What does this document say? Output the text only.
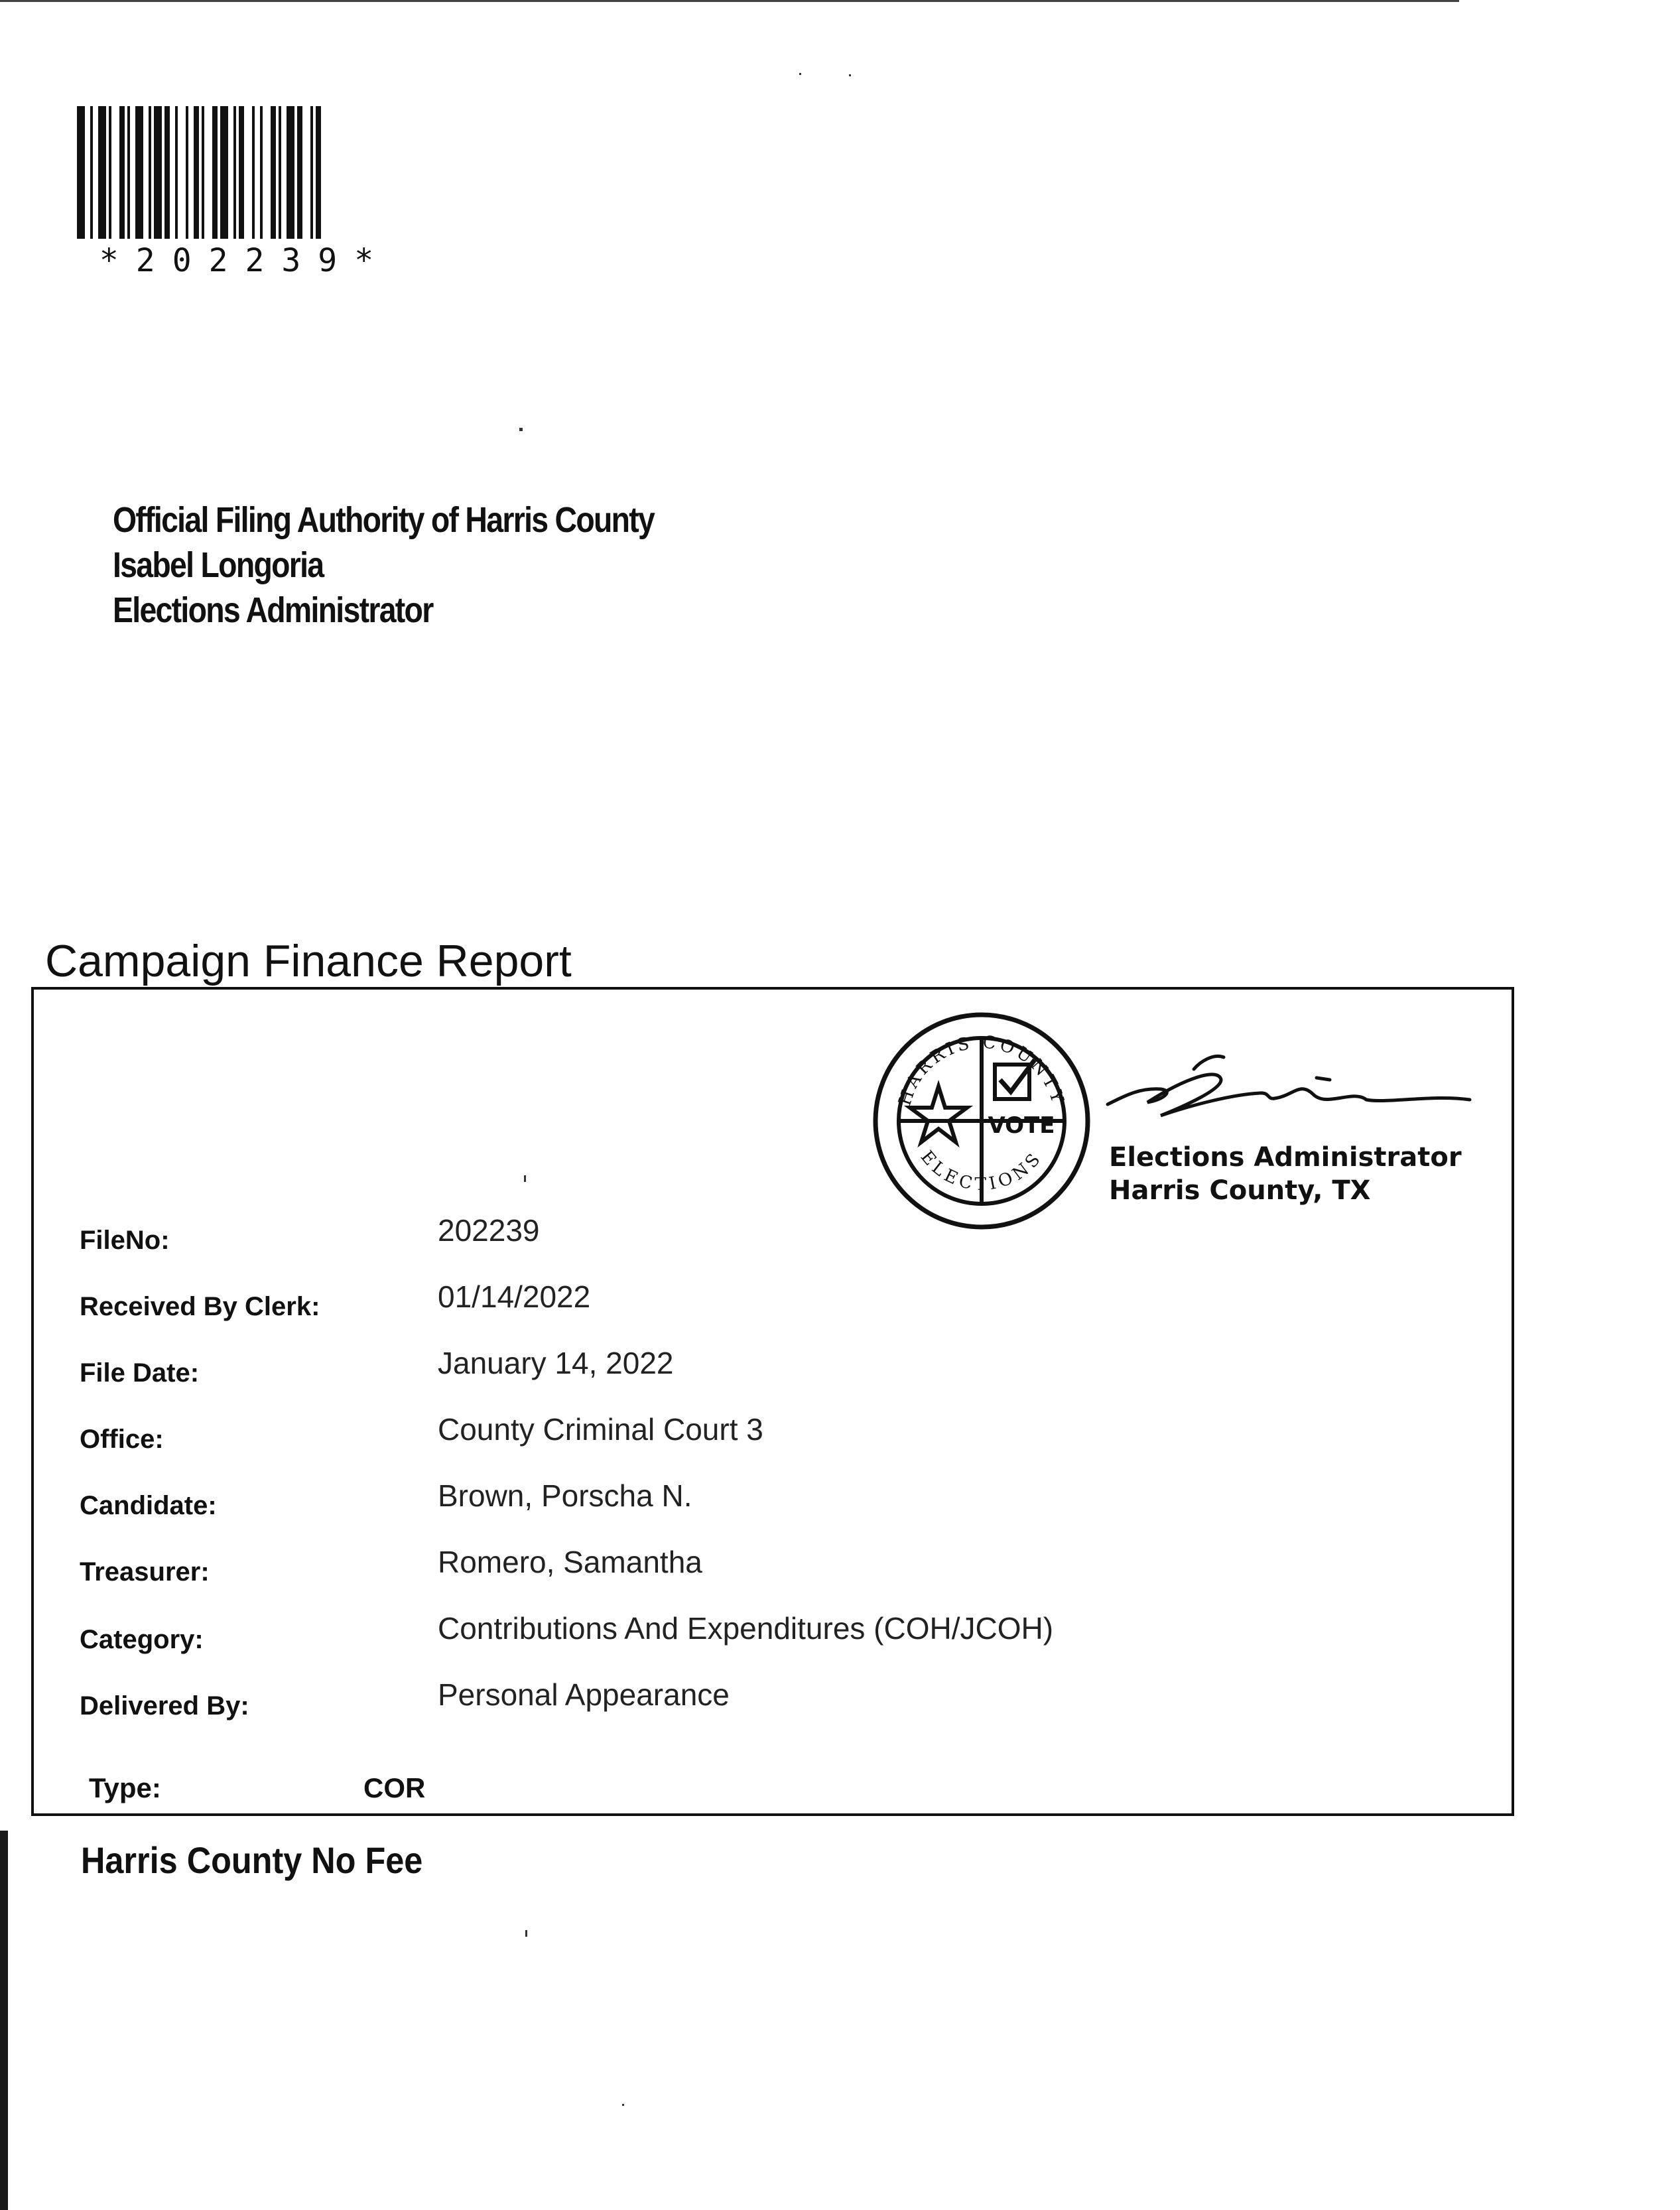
*202239*
Official Filing Authority of Harris County
Isabel Longoria
Elections Administrator
Campaign Finance Report
VOTE
HARRIS COUNTY
ELECTIONS Elections Administrator
Harris County, TX
FileNo:	202239
Received By Clerk:	01/14/2022
File Date:	January 14, 2022
Office:	County Criminal Court 3
Candidate:	Brown, Porscha N.
Treasurer:	Romero, Samantha
Category:	Contributions And Expenditures (COH/JCOH)
Delivered By:	Personal Appearance
Type:	COR
Harris County No Fee
